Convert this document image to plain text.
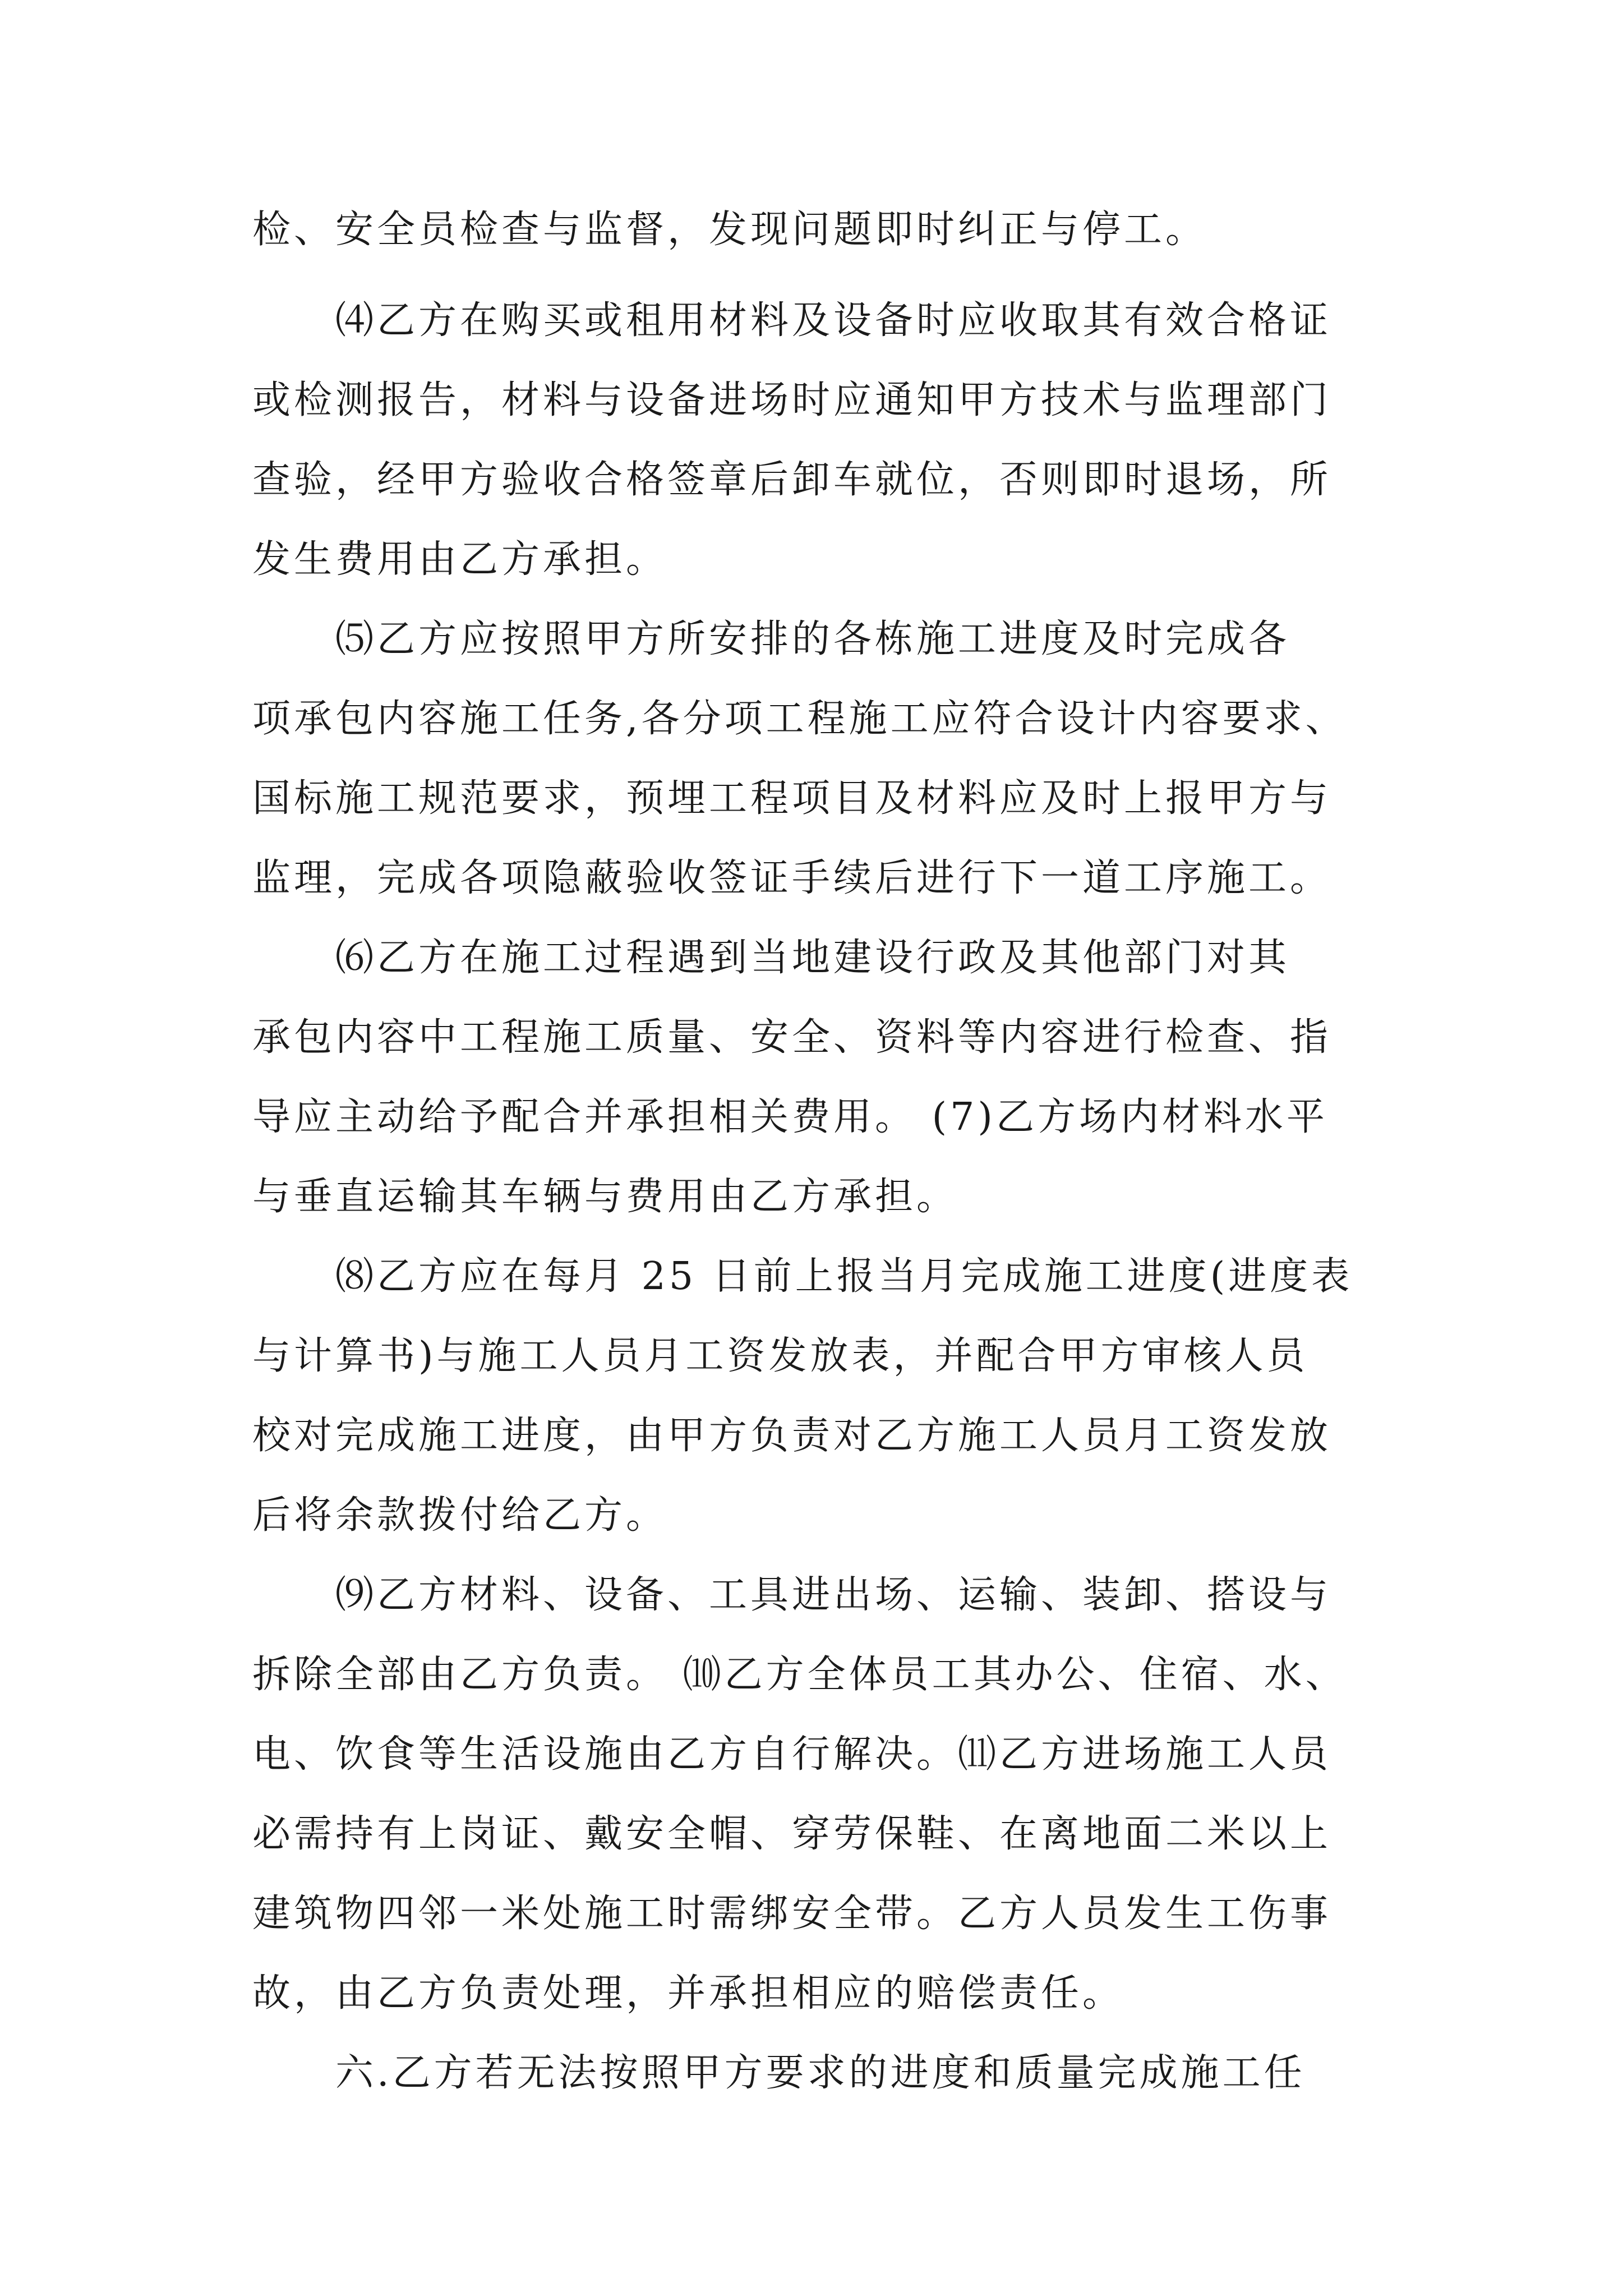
检、安全员检查与监督，发现问题即时纠正与停工。

⑷乙方在购买或租用材料及设备时应收取其有效合格证

或检测报告，材料与设备进场时应通知甲方技术与监理部门

查验，经甲方验收合格签章后卸车就位，否则即时退场，所

发生费用由乙方承担。

⑸乙方应按照甲方所安排的各栋施工进度及时完成各

项承包内容施工任务,各分项工程施工应符合设计内容要求、

国标施工规范要求，预埋工程项目及材料应及时上报甲方与

监理，完成各项隐蔽验收签证手续后进行下一道工序施工。

⑹乙方在施工过程遇到当地建设行政及其他部门对其

承包内容中工程施工质量、安全、资料等内容进行检查、指

导应主动给予配合并承担相关费用。 (7)乙方场内材料水平

与垂直运输其车辆与费用由乙方承担。

⑻乙方应在每月 25 日前上报当月完成施工进度(进度表

与计算书)与施工人员月工资发放表，并配合甲方审核人员

校对完成施工进度，由甲方负责对乙方施工人员月工资发放

后将余款拨付给乙方。

⑼乙方材料、设备、工具进出场、运输、装卸、搭设与

拆除全部由乙方负责。 ⑽乙方全体员工其办公、住宿、水、

电、饮食等生活设施由乙方自行解决。⑾乙方进场施工人员

必需持有上岗证、戴安全帽、穿劳保鞋、在离地面二米以上

建筑物四邻一米处施工时需绑安全带。乙方人员发生工伤事

故，由乙方负责处理，并承担相应的赔偿责任。

六.乙方若无法按照甲方要求的进度和质量完成施工任
